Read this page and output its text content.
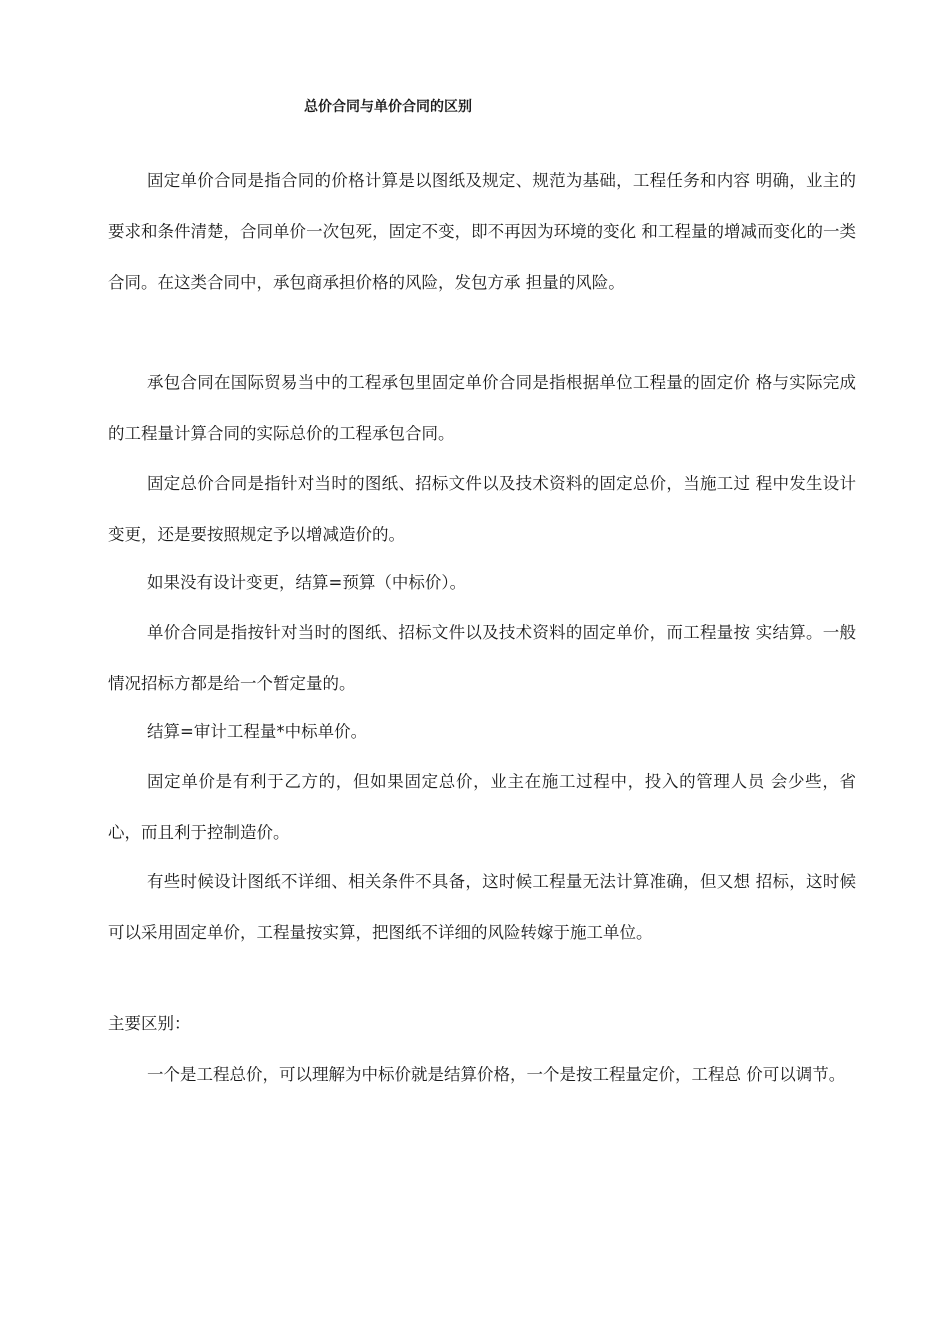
总价合同与单价合同的区别

固定单价合同是指合同的价格计算是以图纸及规定、规范为基础，工程任务和内容 明确，业主的要求和条件清楚，合同单价一次包死，固定不变，即不再因为环境的变化 和工程量的增减而变化的一类合同。在这类合同中，承包商承担价格的风险，发包方承 担量的风险。

承包合同在国际贸易当中的工程承包里固定单价合同是指根据单位工程量的固定价 格与实际完成的工程量计算合同的实际总价的工程承包合同。

固定总价合同是指针对当时的图纸、招标文件以及技术资料的固定总价，当施工过 程中发生设计变更，还是要按照规定予以增减造价的。

如果没有设计变更，结算=预算（中标价）。

单价合同是指按针对当时的图纸、招标文件以及技术资料的固定单价，而工程量按 实结算。一般情况招标方都是给一个暂定量的。

结算=审计工程量*中标单价。

固定单价是有利于乙方的，但如果固定总价，业主在施工过程中，投入的管理人员 会少些，省心，而且利于控制造价。

有些时候设计图纸不详细、相关条件不具备，这时候工程量无法计算准确，但又想 招标，这时候可以采用固定单价，工程量按实算，把图纸不详细的风险转嫁于施工单位。

主要区别：

一个是工程总价，可以理解为中标价就是结算价格，一个是按工程量定价，工程总 价可以调节。
